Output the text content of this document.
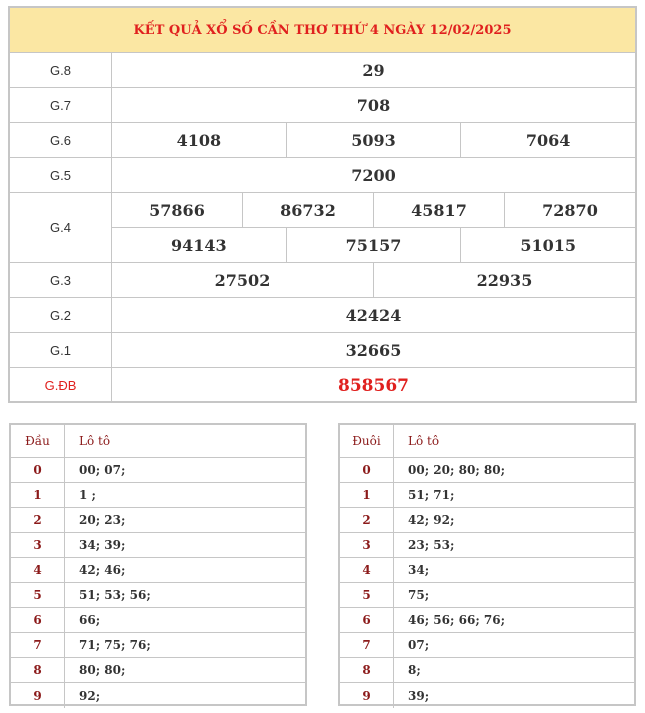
KẾT QUẢ XỔ SỐ CẦN THƠ THỨ 4 NGÀY 12/02/2025
G.8	29
G.7	708
G.6	4108	5093	7064
G.5	7200
G.4
57866	86732	45817	72870
94143	75157	51015
G.3	27502	22935
G.2	42424
G.1	32665
G.ĐB	858567
Đầu	Lô tô
0	00; 07;
1	1 ;
2	20; 23;
3	34; 39;
4	42; 46;
5	51; 53; 56;
6	66;
7	71; 75; 76;
8	80; 80;
9	92;
Đuôi	Lô tô
0	00; 20; 80; 80;
1	51; 71;
2	42; 92;
3	23; 53;
4	34;
5	75;
6	46; 56; 66; 76;
7	07;
8	8;
9	39;
